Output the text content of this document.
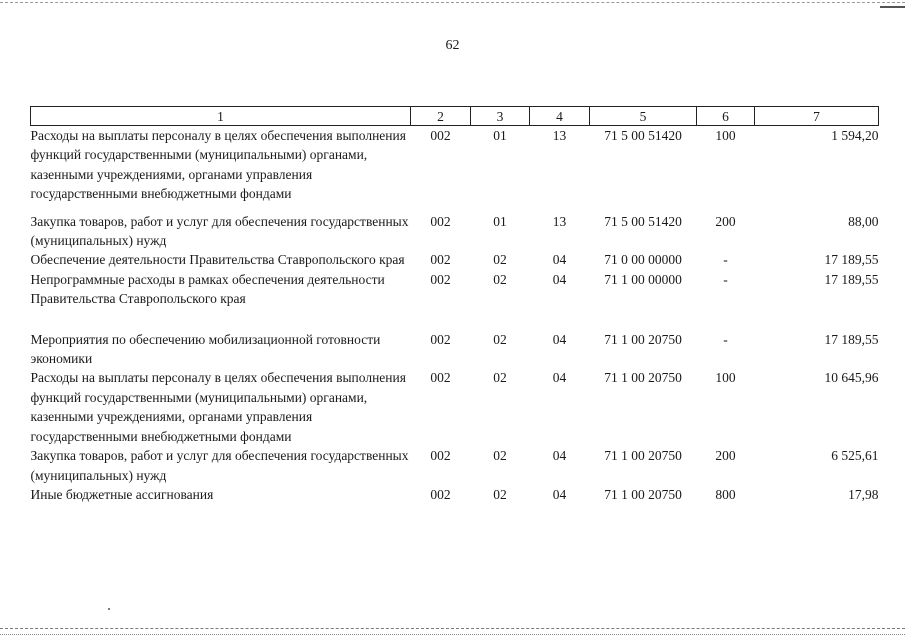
62
1	2	3	4	5	6	7
Расходы на выплаты персоналу в целях обеспечения выполнения функций государственными (муниципальными) органами, казенными учреждениями, органами управления государственными внебюджетными фондами	002	01	13	71 5 00 51420	100	1 594,20
Закупка товаров, работ и услуг для обеспечения государственных (муниципальных) нужд	002	01	13	71 5 00 51420	200	88,00
Обеспечение деятельности Правительства Ставропольского края	002	02	04	71 0 00 00000	-	17 189,55
Непрограммные расходы в рамках обеспечения деятельности Правительства Ставропольского края	002	02	04	71 1 00 00000	-	17 189,55
Мероприятия по обеспечению мобилизационной готовности экономики	002	02	04	71 1 00 20750	-	17 189,55
Расходы на выплаты персоналу в целях обеспечения выполнения функций государственными (муниципальными) органами, казенными учреждениями, органами управления государственными внебюджетными фондами	002	02	04	71 1 00 20750	100	10 645,96
Закупка товаров, работ и услуг для обеспечения государственных (муниципальных) нужд	002	02	04	71 1 00 20750	200	6 525,61
Иные бюджетные ассигнования	002	02	04	71 1 00 20750	800	17,98
